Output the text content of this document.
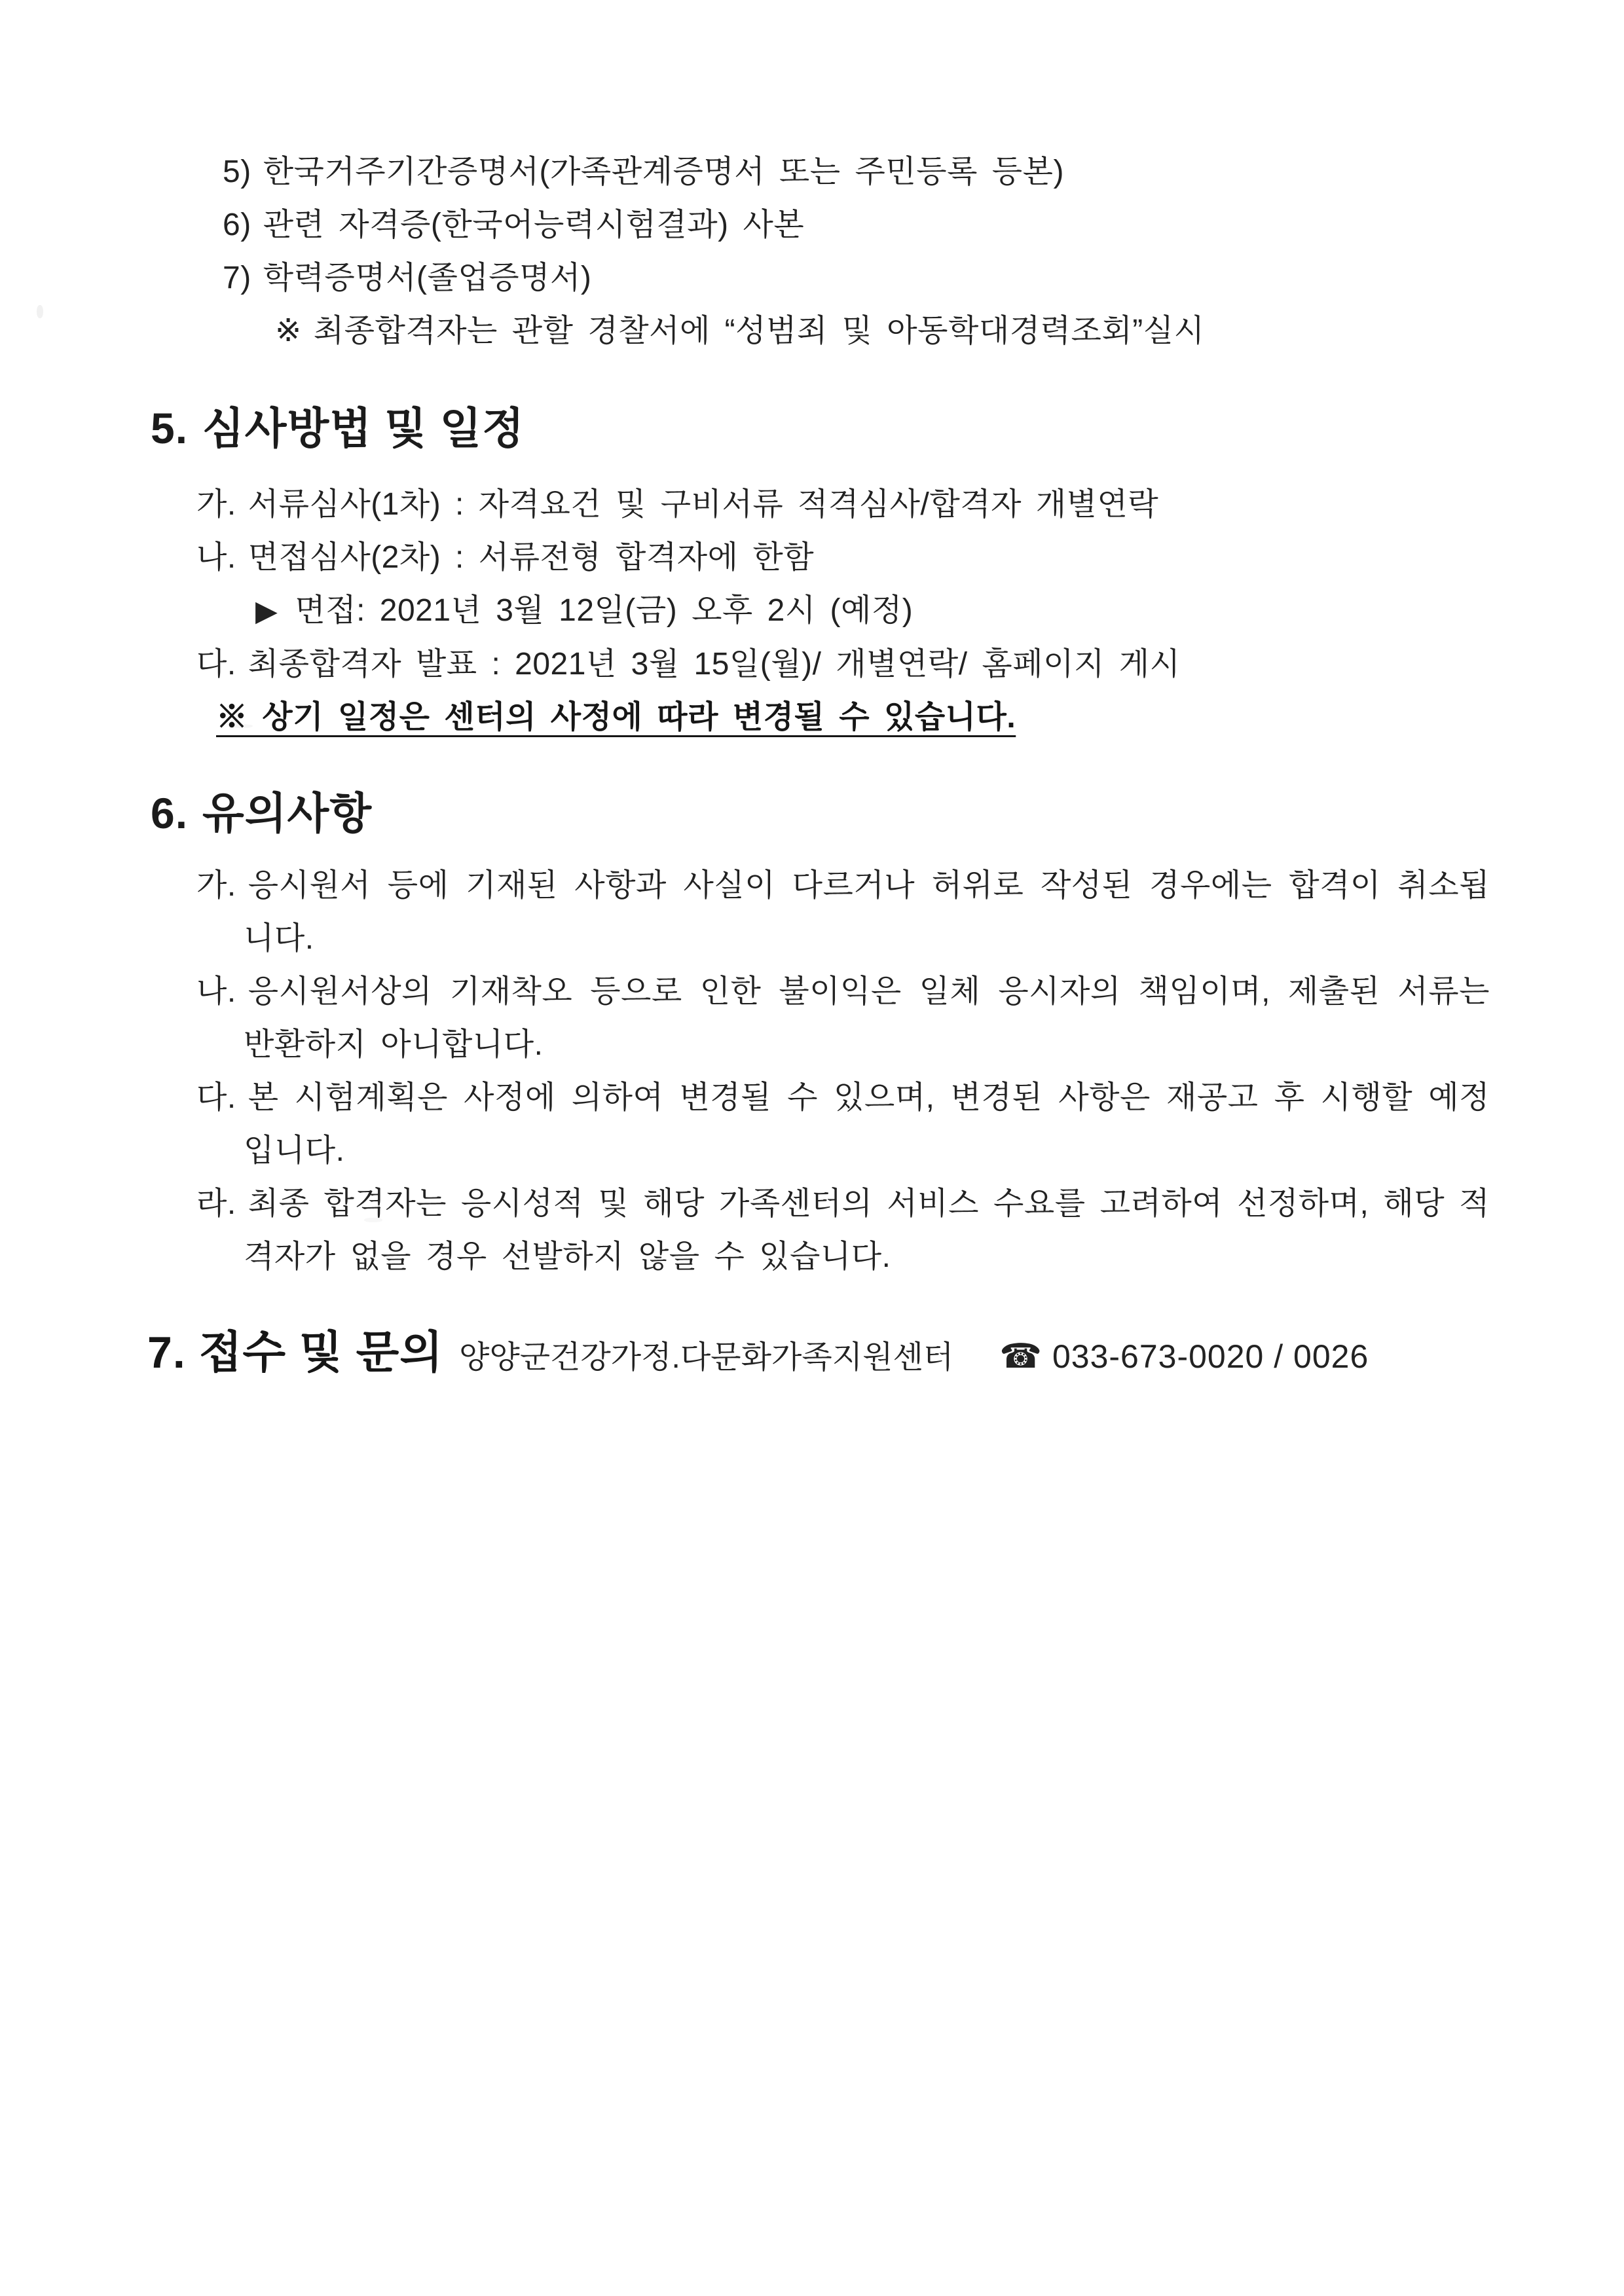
5) 한국거주기간증명서(가족관계증명서 또는 주민등록 등본)
6) 관련 자격증(한국어능력시험결과) 사본
7) 학력증명서(졸업증명서)
※ 최종합격자는 관할 경찰서에 “성범죄 및 아동학대경력조회”실시
5. 심사방법 및 일정
가. 서류심사(1차) : 자격요건 및 구비서류 적격심사/합격자 개별연락
나. 면접심사(2차) : 서류전형 합격자에 한함
▶ 면접: 2021년 3월 12일(금) 오후 2시 (예정)
다. 최종합격자 발표 : 2021년 3월 15일(월)/ 개별연락/ 홈페이지 게시
※ 상기 일정은 센터의 사정에 따라 변경될 수 있습니다.
6. 유의사항
가. 응시원서 등에 기재된 사항과 사실이 다르거나 허위로 작성된 경우에는 합격이 취소됩니다.
나. 응시원서상의 기재착오 등으로 인한 불이익은 일체 응시자의 책임이며, 제출된 서류는 반환하지 아니합니다.
다. 본 시험계획은 사정에 의하여 변경될 수 있으며, 변경된 사항은 재공고 후 시행할 예정입니다.
라. 최종 합격자는 응시성적 및 해당 가족센터의 서비스 수요를 고려하여 선정하며, 해당 적격자가 없을 경우 선발하지 않을 수 있습니다.
7. 접수 및 문의 양양군건강가정.다문화가족지원센터 ☎ 033-673-0020 / 0026
